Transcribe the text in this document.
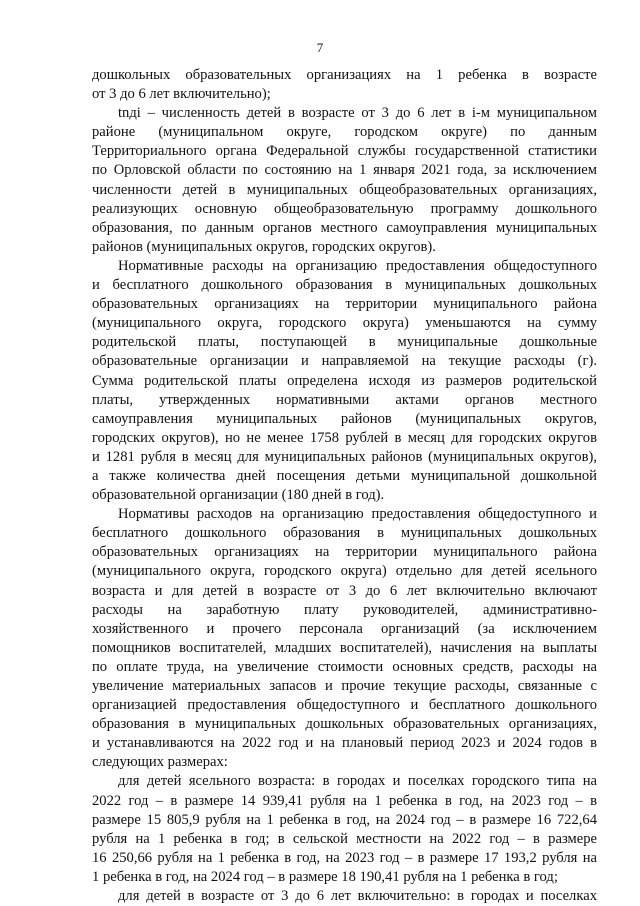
7
дошкольных образовательных организациях на 1 ребенка в возрасте
от 3 до 6 лет включительно);
tnдi – численность детей в возрасте от 3 до 6 лет в i-м муниципальном
районе (муниципальном округе, городском округе) по данным
Территориального органа Федеральной службы государственной статистики
по Орловской области по состоянию на 1 января 2021 года, за исключением
численности детей в муниципальных общеобразовательных организациях,
реализующих основную общеобразовательную программу дошкольного
образования, по данным органов местного самоуправления муниципальных
районов (муниципальных округов, городских округов).
Нормативные расходы на организацию предоставления общедоступного
и бесплатного дошкольного образования в муниципальных дошкольных
образовательных организациях на территории муниципального района
(муниципального округа, городского округа) уменьшаются на сумму
родительской платы, поступающей в муниципальные дошкольные
образовательные организации и направляемой на текущие расходы (г).
Сумма родительской платы определена исходя из размеров родительской
платы, утвержденных нормативными актами органов местного
самоуправления муниципальных районов (муниципальных округов,
городских округов), но не менее 1758 рублей в месяц для городских округов
и 1281 рубля в месяц для муниципальных районов (муниципальных округов),
а также количества дней посещения детьми муниципальной дошкольной
образовательной организации (180 дней в год).
Нормативы расходов на организацию предоставления общедоступного и
бесплатного дошкольного образования в муниципальных дошкольных
образовательных организациях на территории муниципального района
(муниципального округа, городского округа) отдельно для детей ясельного
возраста и для детей в возрасте от 3 до 6 лет включительно включают
расходы на заработную плату руководителей, административно-
хозяйственного и прочего персонала организаций (за исключением
помощников воспитателей, младших воспитателей), начисления на выплаты
по оплате труда, на увеличение стоимости основных средств, расходы на
увеличение материальных запасов и прочие текущие расходы, связанные с
организацией предоставления общедоступного и бесплатного дошкольного
образования в муниципальных дошкольных образовательных организациях,
и устанавливаются на 2022 год и на плановый период 2023 и 2024 годов в
следующих размерах:
для детей ясельного возраста: в городах и поселках городского типа на
2022 год – в размере 14 939,41 рубля на 1 ребенка в год, на 2023 год – в
размере 15 805,9 рубля на 1 ребенка в год, на 2024 год – в размере 16 722,64
рубля на 1 ребенка в год; в сельской местности на 2022 год – в размере
16 250,66 рубля на 1 ребенка в год, на 2023 год – в размере 17 193,2 рубля на
1 ребенка в год, на 2024 год – в размере 18 190,41 рубля на 1 ребенка в год;
для детей в возрасте от 3 до 6 лет включительно: в городах и поселках
